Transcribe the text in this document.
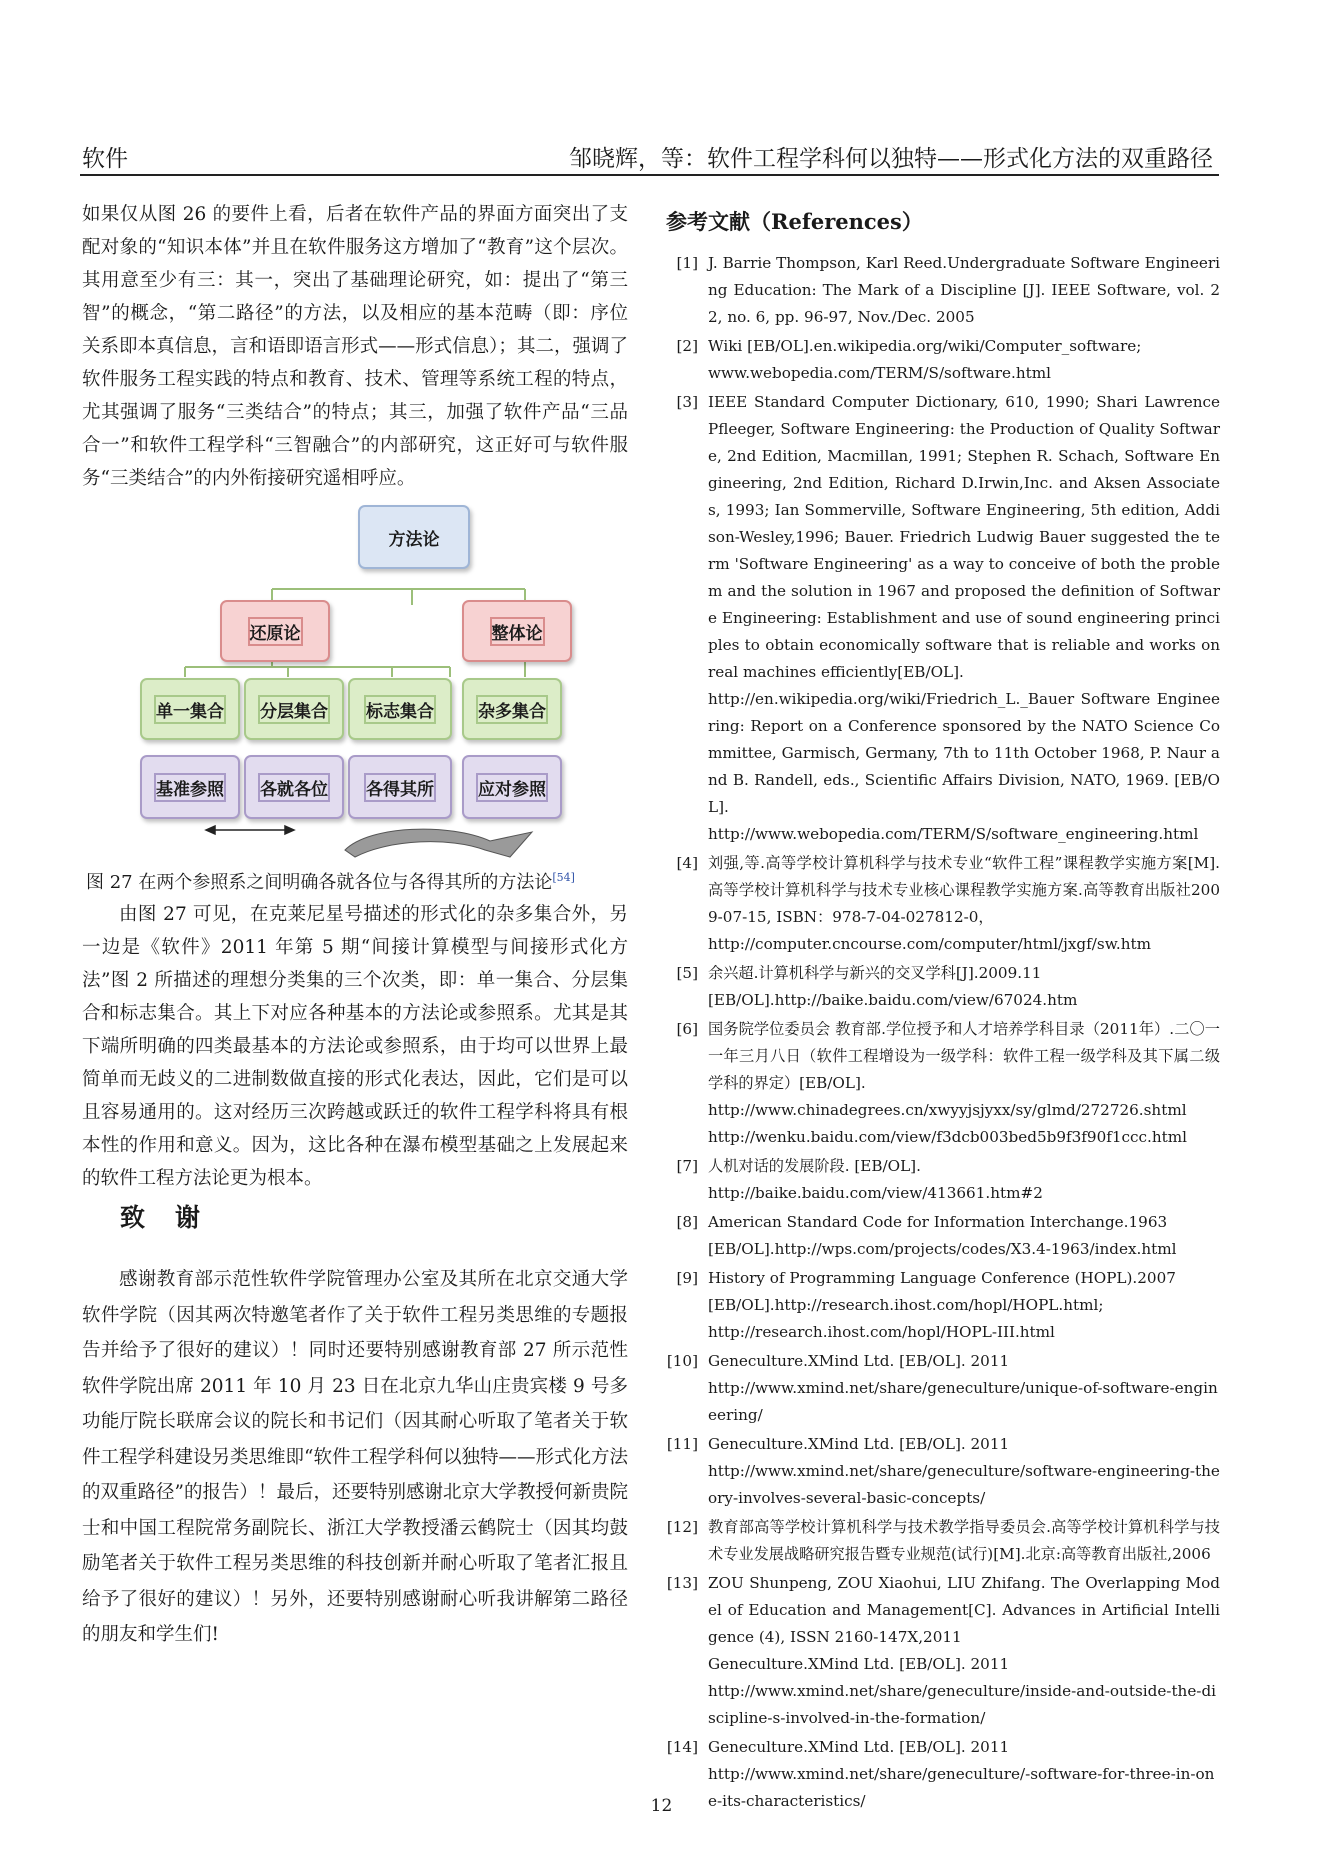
软件	邹晓辉，等：软件工程学科何以独特——形式化方法的双重路径

如果仅从图 26 的要件上看，后者在软件产品的界面方面突出了支配对象的“知识本体”并且在软件服务这方增加了“教育”这个层次。其用意至少有三：其一，突出了基础理论研究，如：提出了“第三智”的概念，“第二路径”的方法，以及相应的基本范畴（即：序位关系即本真信息，言和语即语言形式——形式信息）；其二，强调了软件服务工程实践的特点和教育、技术、管理等系统工程的特点，尤其强调了服务“三类结合”的特点；其三，加强了软件产品“三品合一”和软件工程学科“三智融合”的内部研究，这正好可与软件服务“三类结合”的内外衔接研究遥相呼应。

方法论
还原论	整体论
单一集合 分层集合 标志集合	杂多集合
基准参照 各就各位 各得其所	应对参照
图 27 在两个参照系之间明确各就各位与各得其所的方法论[54]

由图 27 可见，在克莱尼星号描述的形式化的杂多集合外，另一边是《软件》2011 年第 5 期“间接计算模型与间接形式化方法”图 2 所描述的理想分类集的三个次类，即：单一集合、分层集合和标志集合。其上下对应各种基本的方法论或参照系。尤其是其下端所明确的四类最基本的方法论或参照系，由于均可以世界上最简单而无歧义的二进制数做直接的形式化表达，因此，它们是可以且容易通用的。这对经历三次跨越或跃迁的软件工程学科将具有根本性的作用和意义。因为，这比各种在瀑布模型基础之上发展起来的软件工程方法论更为根本。

致谢

感谢教育部示范性软件学院管理办公室及其所在北京交通大学软件学院（因其两次特邀笔者作了关于软件工程另类思维的专题报告并给予了很好的建议）！同时还要特别感谢教育部 27 所示范性软件学院出席 2011 年 10 月 23 日在北京九华山庄贵宾楼 9 号多功能厅院长联席会议的院长和书记们（因其耐心听取了笔者关于软件工程学科建设另类思维即“软件工程学科何以独特——形式化方法的双重路径”的报告）！最后，还要特别感谢北京大学教授何新贵院士和中国工程院常务副院长、浙江大学教授潘云鹤院士（因其均鼓励笔者关于软件工程另类思维的科技创新并耐心听取了笔者汇报且给予了很好的建议）！另外，还要特别感谢耐心听我讲解第二路径的朋友和学生们!

参考文献（References）
[1] J. Barrie Thompson, Karl Reed.Undergraduate Software Engineering Education: The Mark of a Discipline [J]. IEEE Software, vol. 22, no. 6, pp. 96-97, Nov./Dec. 2005
[2] Wiki [EB/OL].en.wikipedia.org/wiki/Computer_software;
www.webopedia.com/TERM/S/software.html
[3] IEEE Standard Computer Dictionary, 610, 1990; Shari Lawrence Pfleeger, Software Engineering: the Production of Quality Software, 2nd Edition, Macmillan, 1991; Stephen R. Schach, Software Engineering, 2nd Edition, Richard D.Irwin,Inc. and Aksen Associates, 1993; Ian Sommerville, Software Engineering, 5th edition, Addison-Wesley,1996; Bauer. Friedrich Ludwig Bauer suggested the term 'Software Engineering' as a way to conceive of both the problem and the solution in 1967 and proposed the definition of Software Engineering: Establishment and use of sound engineering principles to obtain economically software that is reliable and works on real machines efficiently[EB/OL].
http://en.wikipedia.org/wiki/Friedrich_L._Bauer Software Engineering: Report on a Conference sponsored by the NATO Science Committee, Garmisch, Germany, 7th to 11th October 1968, P. Naur and B. Randell, eds., Scientific Affairs Division, NATO, 1969. [EB/OL].
http://www.webopedia.com/TERM/S/software_engineering.html
[4] 刘强,等.高等学校计算机科学与技术专业“软件工程”课程教学实施方案[M].高等学校计算机科学与技术专业核心课程教学实施方案.高等教育出版社2009-07-15, ISBN：978-7-04-027812-0，
http://computer.cncourse.com/computer/html/jxgf/sw.htm
[5] 余兴超.计算机科学与新兴的交叉学科[J].2009.11
[EB/OL].http://baike.baidu.com/view/67024.htm
[6] 国务院学位委员会 教育部.学位授予和人才培养学科目录（2011年）.二〇一一年三月八日（软件工程增设为一级学科：软件工程一级学科及其下属二级学科的界定）[EB/OL].
http://www.chinadegrees.cn/xwyyjsjyxx/sy/glmd/272726.shtml
http://wenku.baidu.com/view/f3dcb003bed5b9f3f90f1ccc.html
[7] 人机对话的发展阶段. [EB/OL].
http://baike.baidu.com/view/413661.htm#2
[8] American Standard Code for Information Interchange.1963
[EB/OL].http://wps.com/projects/codes/X3.4-1963/index.html
[9] History of Programming Language Conference (HOPL).2007
[EB/OL].http://research.ihost.com/hopl/HOPL.html;
http://research.ihost.com/hopl/HOPL-III.html
[10] Geneculture.XMind Ltd. [EB/OL]. 2011
http://www.xmind.net/share/geneculture/unique-of-software-engineering/
[11] Geneculture.XMind Ltd. [EB/OL]. 2011
http://www.xmind.net/share/geneculture/software-engineering-theory-involves-several-basic-concepts/
[12] 教育部高等学校计算机科学与技术教学指导委员会.高等学校计算机科学与技术专业发展战略研究报告暨专业规范(试行)[M].北京:高等教育出版社,2006
[13] ZOU Shunpeng, ZOU Xiaohui, LIU Zhifang. The Overlapping Model of Education and Management[C]. Advances in Artificial Intelligence (4), ISSN 2160-147X,2011
Geneculture.XMind Ltd. [EB/OL]. 2011
http://www.xmind.net/share/geneculture/inside-and-outside-the-discipline-s-involved-in-the-formation/
[14] Geneculture.XMind Ltd. [EB/OL]. 2011
http://www.xmind.net/share/geneculture/-software-for-three-in-one-its-characteristics/
12
